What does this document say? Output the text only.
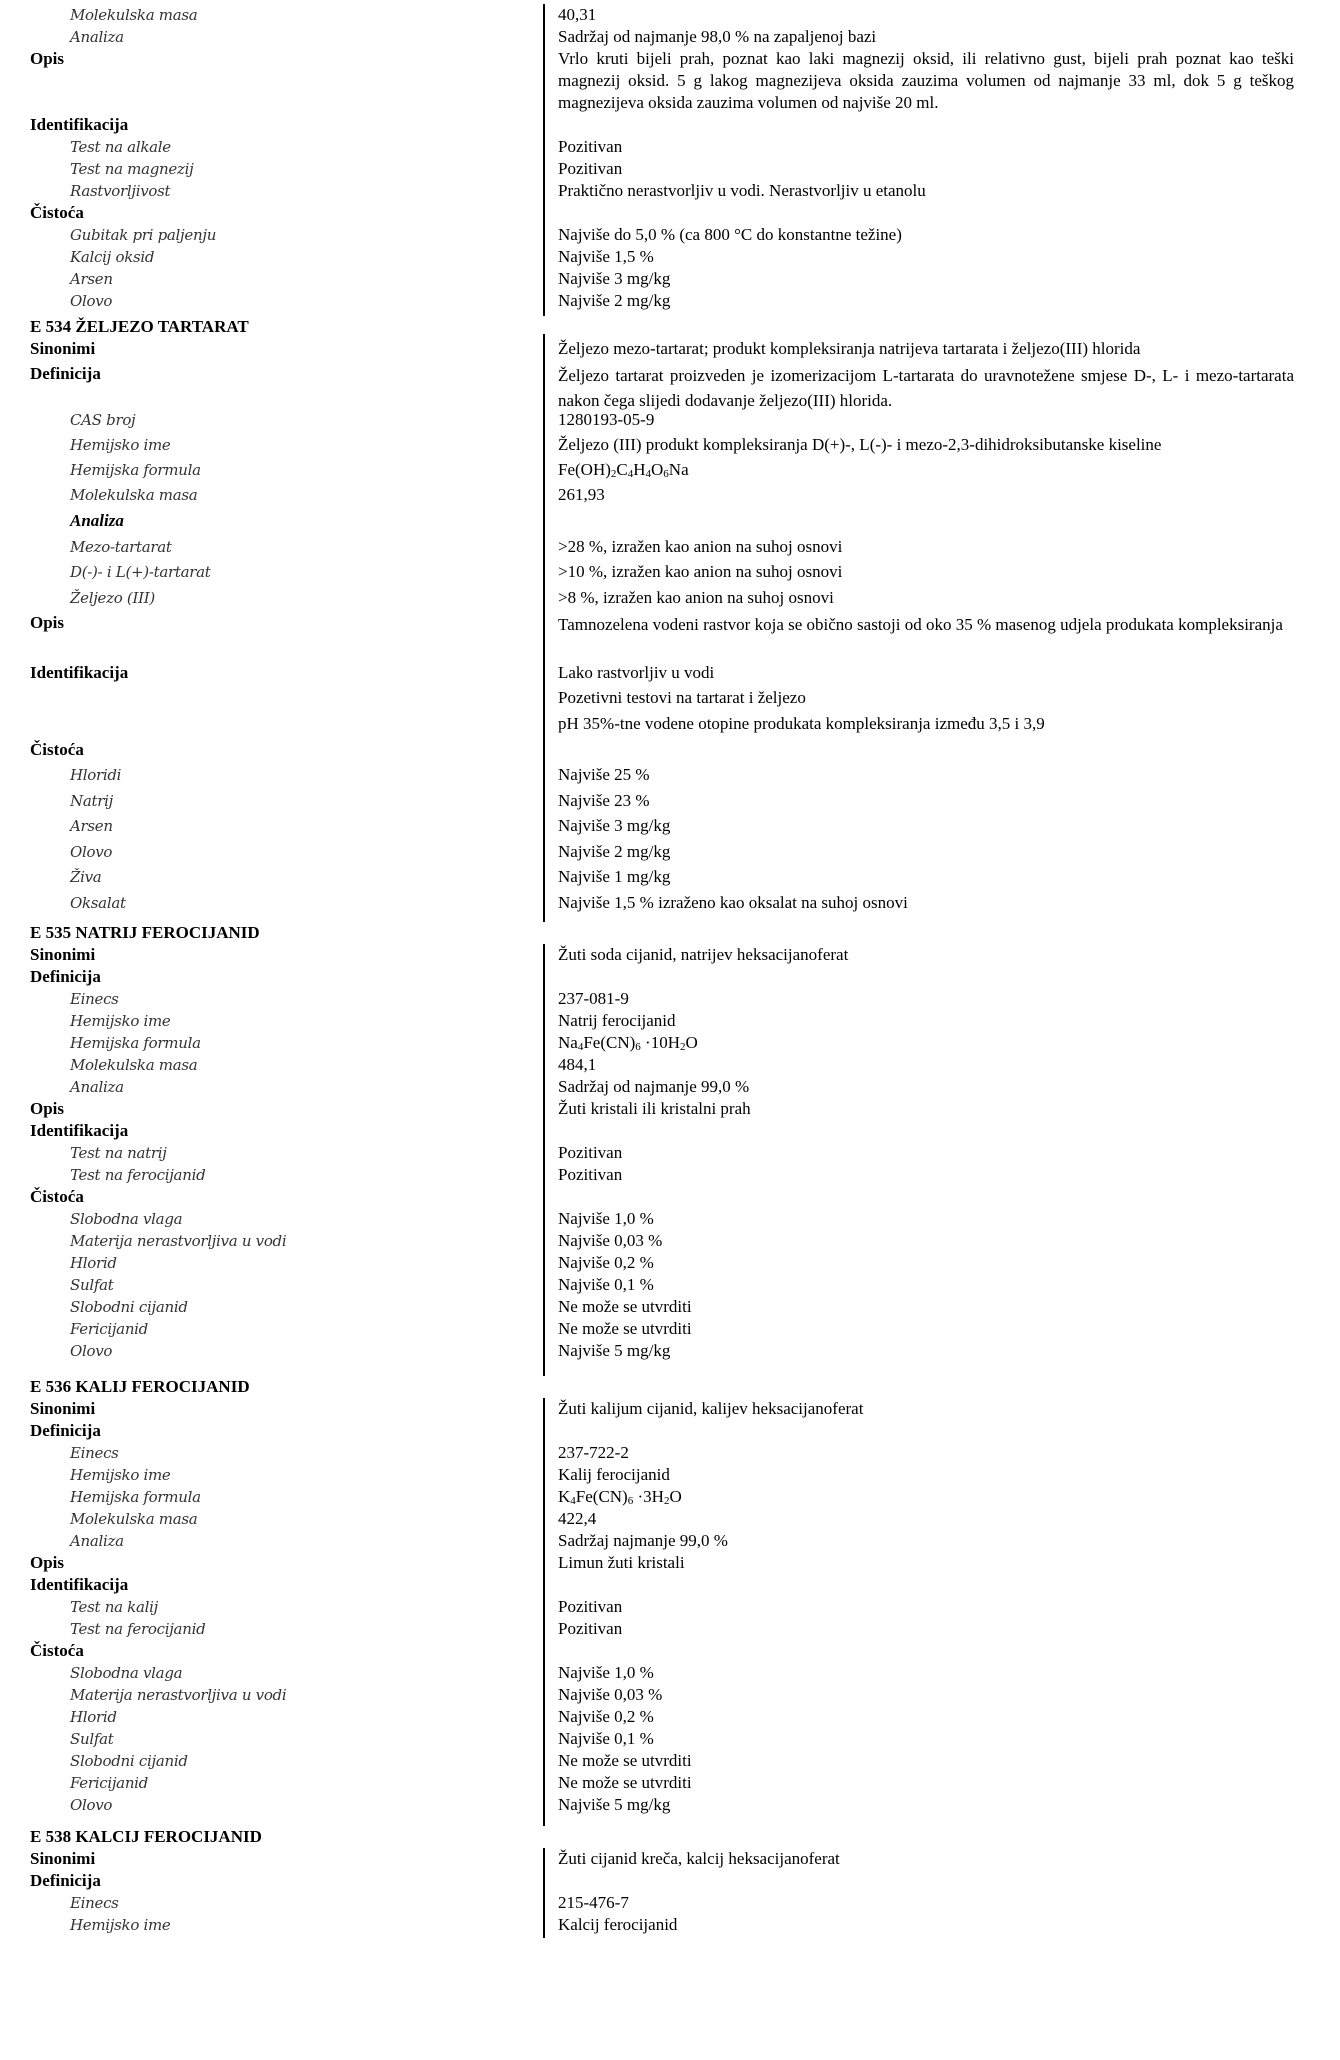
Molekulska masa	40,31
Analiza	Sadržaj od najmanje 98,0 % na zapaljenoj bazi
Opis	Vrlo kruti bijeli prah, poznat kao laki magnezij oksid, ili relativno gust, bijeli prah poznat kao teški magnezij oksid. 5 g lakog magnezijeva oksida zauzima volumen od najmanje 33 ml, dok 5 g teškog magnezijeva oksida zauzima volumen od najviše 20 ml.
Identifikacija
Test na alkale	Pozitivan
Test na magnezij	Pozitivan
Rastvorljivost	Praktično nerastvorljiv u vodi. Nerastvorljiv u etanolu
Čistoća
Gubitak pri paljenju	Najviše do 5,0 % (ca 800 °C do konstantne težine)
Kalcij oksid	Najviše 1,5 %
Arsen	Najviše 3 mg/kg
Olovo	Najviše 2 mg/kg
E 534 ŽELJEZO TARTARAT
Sinonimi	Željezo mezo-tartarat; produkt kompleksiranja natrijeva tartarata i željezo(III) hlorida
Definicija	Željezo tartarat proizveden je izomerizacijom L-tartarata do uravnotežene smjese D-, L- i mezo-tartarata nakon čega slijedi dodavanje željezo(III) hlorida.
CAS broj	1280193-05-9
Hemijsko ime	Željezo (III) produkt kompleksiranja D(+)-, L(-)- i mezo-2,3-dihidroksibutanske kiseline
Hemijska formula	$Fe(OH)_2C_4H_4O_6Na$
Molekulska masa	261,93
Analiza
Mezo-tartarat	>28 %, izražen kao anion na suhoj osnovi
D(-)- i L(+)-tartarat	>10 %, izražen kao anion na suhoj osnovi
Željezo (III)	>8 %, izražen kao anion na suhoj osnovi
Opis	Tamnozelena vodeni rastvor koja se obično sastoji od oko 35 % masenog udjela produkata kompleksiranja
Identifikacija	Lako rastvorljiv u vodi
Pozetivni testovi na tartarat i željezo
pH 35%-tne vodene otopine produkata kompleksiranja između 3,5 i 3,9
Čistoća
Hloridi	Najviše 25 %
Natrij	Najviše 23 %
Arsen	Najviše 3 mg/kg
Olovo	Najviše 2 mg/kg
Živa	Najviše 1 mg/kg
Oksalat	Najviše 1,5 % izraženo kao oksalat na suhoj osnovi
E 535 NATRIJ FEROCIJANID
Sinonimi	Žuti soda cijanid, natrijev heksacijanoferat
Definicija
Einecs	237-081-9
Hemijsko ime	Natrij ferocijanid
Hemijska formula	$Na_4Fe(CN)_6 \cdot 10H_2O$
Molekulska masa	484,1
Analiza	Sadržaj od najmanje 99,0 %
Opis	Žuti kristali ili kristalni prah
Identifikacija
Test na natrij	Pozitivan
Test na ferocijanid	Pozitivan
Čistoća
Slobodna vlaga	Najviše 1,0 %
Materija nerastvorljiva u vodi	Najviše 0,03 %
Hlorid	Najviše 0,2 %
Sulfat	Najviše 0,1 %
Slobodni cijanid	Ne može se utvrditi
Fericijanid	Ne može se utvrditi
Olovo	Najviše 5 mg/kg
E 536 KALIJ FEROCIJANID
Sinonimi	Žuti kalijum cijanid, kalijev heksacijanoferat
Definicija
Einecs	237-722-2
Hemijsko ime	Kalij ferocijanid
Hemijska formula	$K_4Fe(CN)_6 \cdot 3H_2O$
Molekulska masa	422,4
Analiza	Sadržaj najmanje 99,0 %
Opis	Limun žuti kristali
Identifikacija
Test na kalij	Pozitivan
Test na ferocijanid	Pozitivan
Čistoća
Slobodna vlaga	Najviše 1,0 %
Materija nerastvorljiva u vodi	Najviše 0,03 %
Hlorid	Najviše 0,2 %
Sulfat	Najviše 0,1 %
Slobodni cijanid	Ne može se utvrditi
Fericijanid	Ne može se utvrditi
Olovo	Najviše 5 mg/kg
E 538 KALCIJ FEROCIJANID
Sinonimi	Žuti cijanid kreča, kalcij heksacijanoferat
Definicija
Einecs	215-476-7
Hemijsko ime	Kalcij ferocijanid
